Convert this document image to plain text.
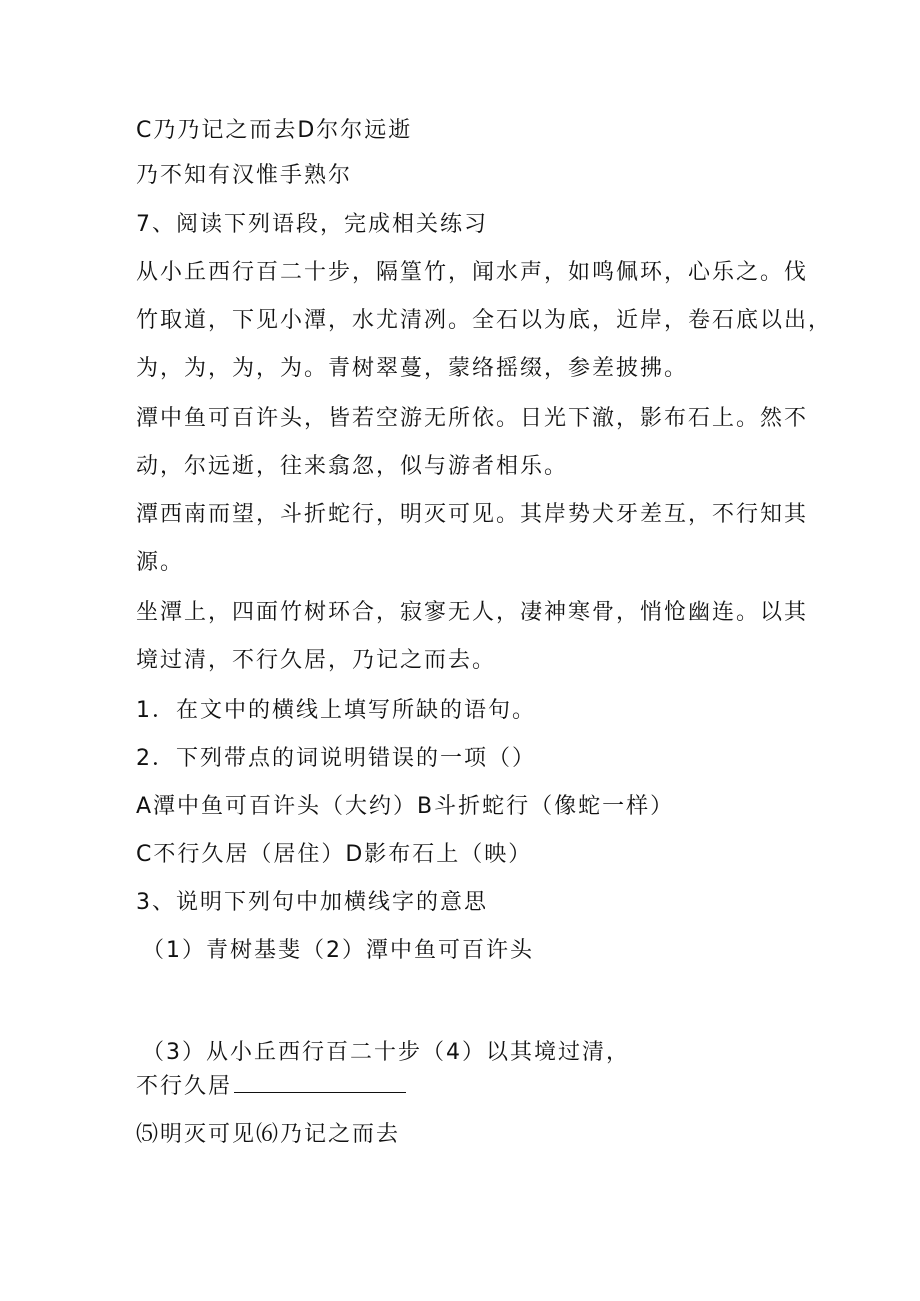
C乃乃记之而去D尔尔远逝
乃不知有汉惟手熟尔
7、阅读下列语段，完成相关练习
从小丘西行百二十步，隔篁竹，闻水声，如鸣佩环，心乐之。伐
竹取道，下见小潭，水尤清冽。全石以为底，近岸，卷石底以出，
为，为，为，为。青树翠蔓，蒙络摇缀，参差披拂。
潭中鱼可百许头，皆若空游无所依。日光下澈，影布石上。然不
动，尔远逝，往来翕忽，似与游者相乐。
潭西南而望，斗折蛇行，明灭可见。其岸势犬牙差互，不行知其
源。
坐潭上，四面竹树环合，寂寥无人，凄神寒骨，悄怆幽连。以其
境过清，不行久居，乃记之而去。
1．在文中的横线上填写所缺的语句。
2．下列带点的词说明错误的一项（）
A潭中鱼可百许头（大约）B斗折蛇行（像蛇一样）
C不行久居（居住）D影布石上（映）
3、说明下列句中加横线字的意思
（1）青树基斐（2）潭中鱼可百许头
（3）从小丘西行百二十步（4）以其境过清，
不行久居
⑸明灭可见⑹乃记之而去
